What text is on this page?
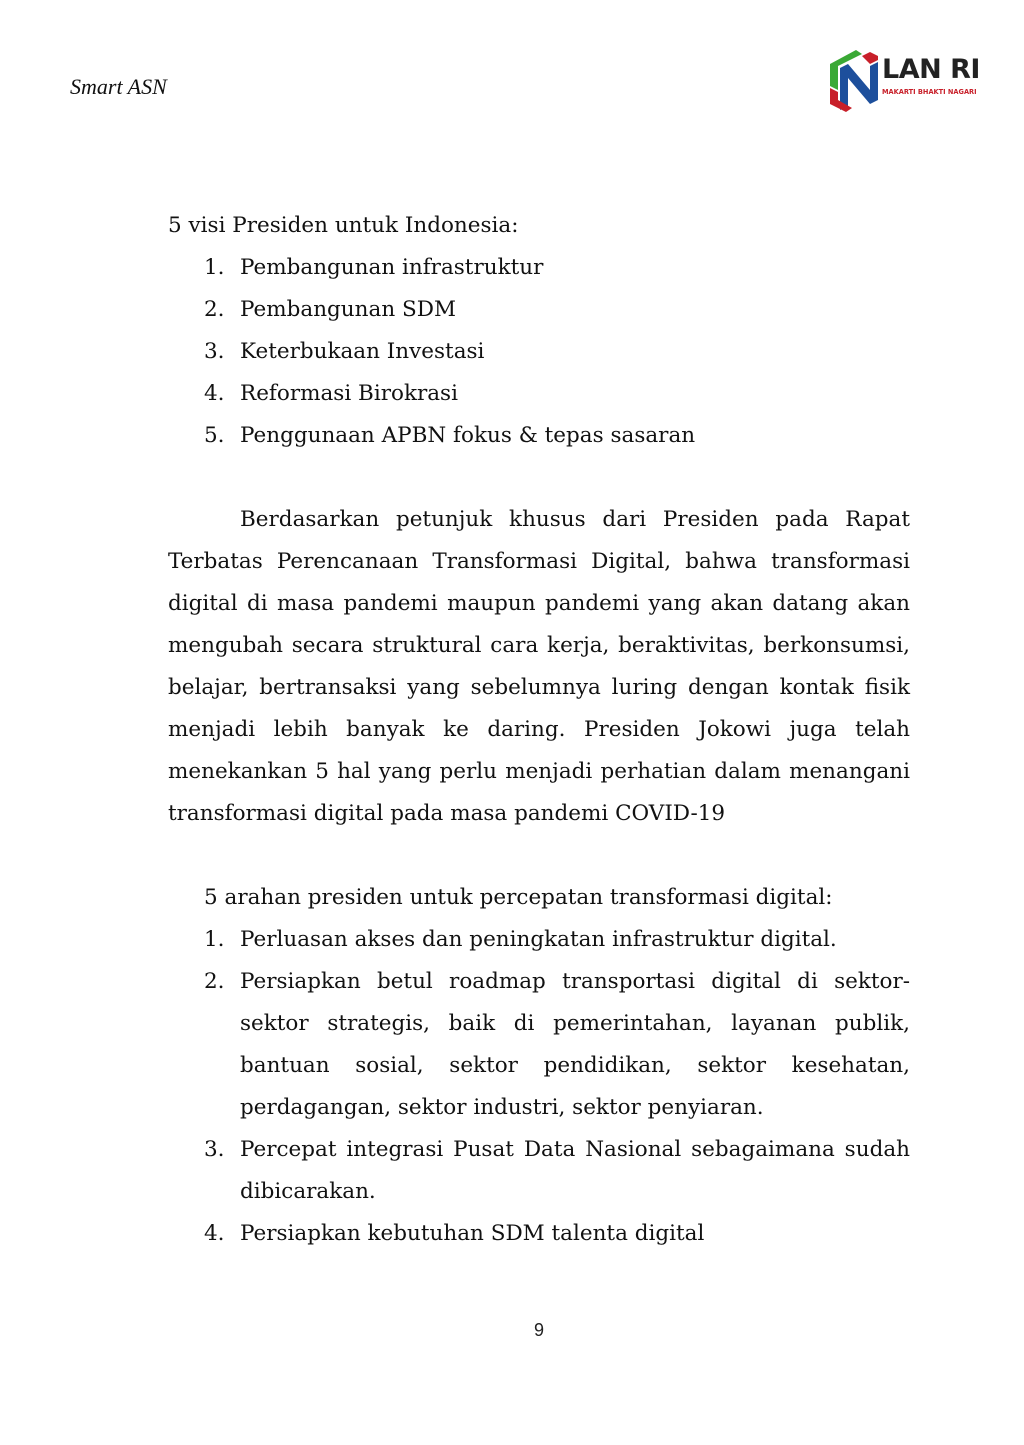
Smart ASN
LAN RI
MAKARTI BHAKTI NAGARI

5 visi Presiden untuk Indonesia:

1. Pembangunan infrastruktur
2. Pembangunan SDM
3. Keterbukaan Investasi
4. Reformasi Birokrasi
5. Penggunaan APBN fokus & tepas sasaran

Berdasarkan petunjuk khusus dari Presiden pada Rapat Terbatas Perencanaan Transformasi Digital, bahwa transformasi digital di masa pandemi maupun pandemi yang akan datang akan mengubah secara struktural cara kerja, beraktivitas, berkonsumsi, belajar, bertransaksi yang sebelumnya luring dengan kontak fisik menjadi lebih banyak ke daring. Presiden Jokowi juga telah menekankan 5 hal yang perlu menjadi perhatian dalam menangani transformasi digital pada masa pandemi COVID-19

5 arahan presiden untuk percepatan transformasi digital:

1. Perluasan akses dan peningkatan infrastruktur digital.
2. Persiapkan betul roadmap transportasi digital di sektor-sektor strategis, baik di pemerintahan, layanan publik, bantuan sosial, sektor pendidikan, sektor kesehatan, perdagangan, sektor industri, sektor penyiaran.
3. Percepat integrasi Pusat Data Nasional sebagaimana sudah dibicarakan.
4. Persiapkan kebutuhan SDM talenta digital
9
